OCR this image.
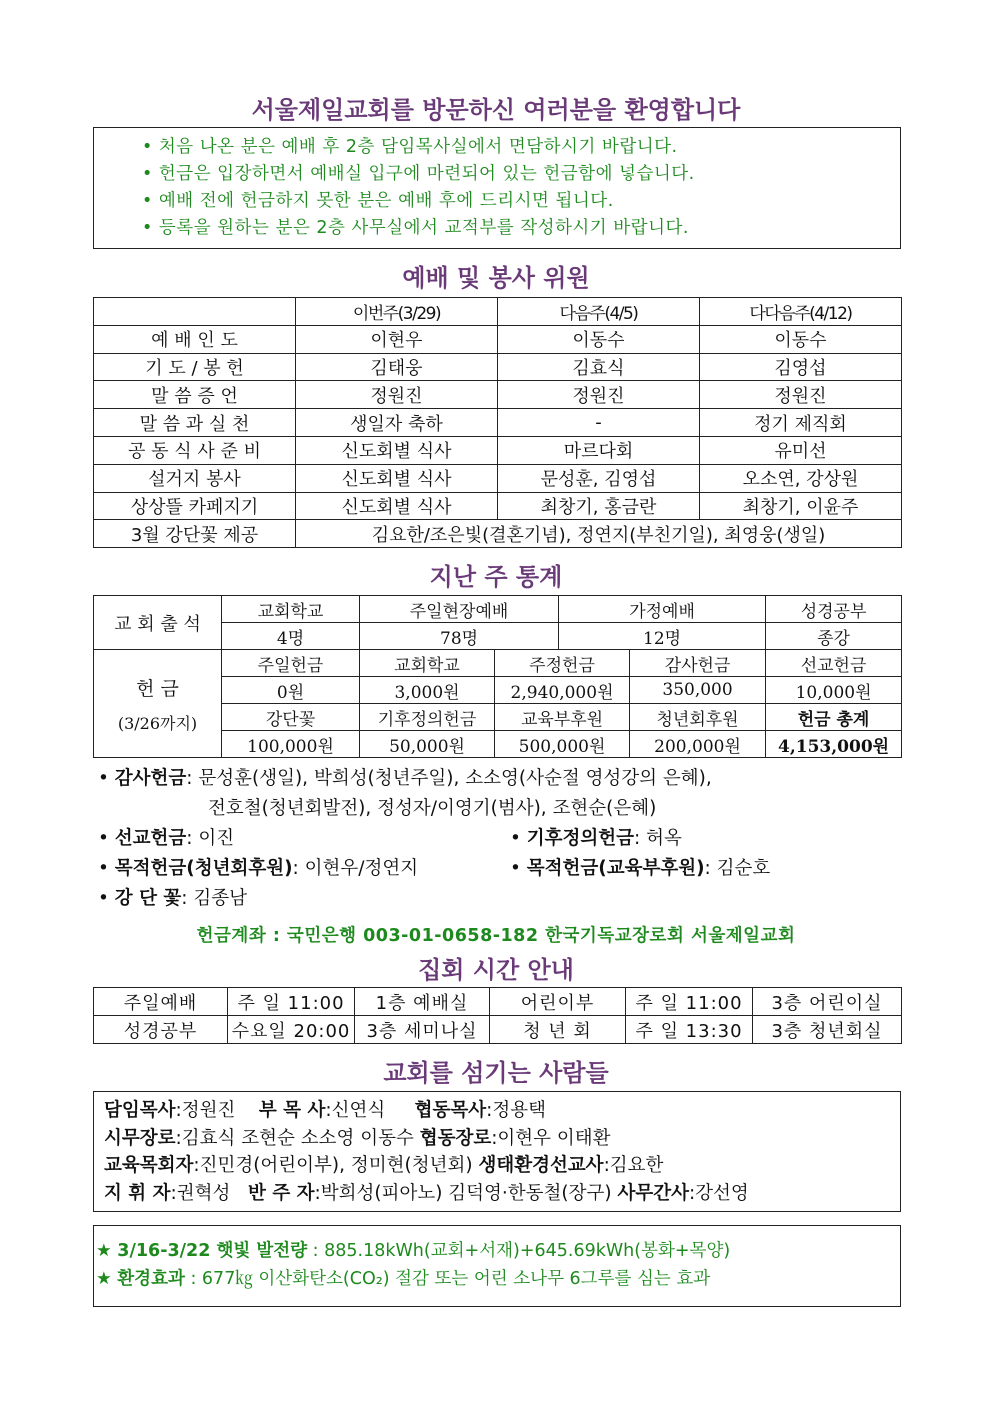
서울제일교회를 방문하신 여러분을 환영합니다
• 처음 나온 분은 예배 후 2층 담임목사실에서 면담하시기 바랍니다.
• 헌금은 입장하면서 예배실 입구에 마련되어 있는 헌금함에 넣습니다.
• 예배 전에 헌금하지 못한 분은 예배 후에 드리시면 됩니다.
• 등록을 원하는 분은 2층 사무실에서 교적부를 작성하시기 바랍니다.
예배 및 봉사 위원
	이번주(3/29)	다음주(4/5)	다다음주(4/12)
예 배 인 도	이현우	이동수	이동수
기 도 / 봉 헌	김태웅	김효식	김영섭
말 씀 증 언	정원진	정원진	정원진
말 씀 과 실 천	생일자 축하	-	정기 제직회
공 동 식 사 준 비	신도회별 식사	마르다회	유미선
설거지 봉사	신도회별 식사	문성훈, 김영섭	오소연, 강상원
상상뜰 카페지기	신도회별 식사	최창기, 홍금란	최창기, 이윤주
3월 강단꽃 제공	김요한/조은빛(결혼기념), 정연지(부친기일), 최영웅(생일)		
지난 주 통계
교 회 출 석	교회학교	주일현장예배		가정예배		성경공부
	4명	78명		12명		종강

헌 금
(3/26까지)	주일헌금	교회학교	주정헌금		감사헌금	선교헌금
	0원	3,000원	2,940,000원		350,000	10,000원
	강단꽃	기후정의헌금	교육부후원		청년회후원	헌금 총계
	100,000원	50,000원	500,000원		200,000원	4,153,000원
• 감사헌금 : 문성훈(생일), 박희성(청년주일), 소소영(사순절 영성강의 은혜),
전호철(청년회발전), 정성자/이영기(범사), 조현순(은혜)
• 선교헌금: 이진	• 기후정의헌금: 허옥
• 목적헌금(청년회후원): 이현우/정연지	• 목적헌금(교육부후원): 김순호
• 강 단 꽃 : 김종남
헌금계좌 : 국민은행 003-01-0658-182 한국기독교장로회 서울제일교회
집회 시간 안내
주일예배	주 일 11:00	1층 예배실	어린이부	주 일 11:00	3층 어린이실
성경공부	수요일 20:00	3층 세미나실	청 년 회	주 일 13:30	3층 청년회실
교회를 섬기는 사람들
담임목사:정원진 부 목 사:신연식 협동목사:정용택
시무장로:김효식 조현순 소소영 이동수 협동장로:이현우 이태환
교육목회자:진민경(어린이부), 정미현(청년회) 생태환경선교사:김요한
지 휘 자:권혁성 반 주 자:박희성(피아노) 김덕영·한동철(장구) 사무간사:강선영
★ 3/16-3/22 햇빛 발전량 : 885.18kWh(교회+서재)+645.69kWh(봉화+목양)
★ 환경효과 : 677㎏ 이산화탄소(CO₂) 절감 또는 어린 소나무 6그루를 심는 효과
